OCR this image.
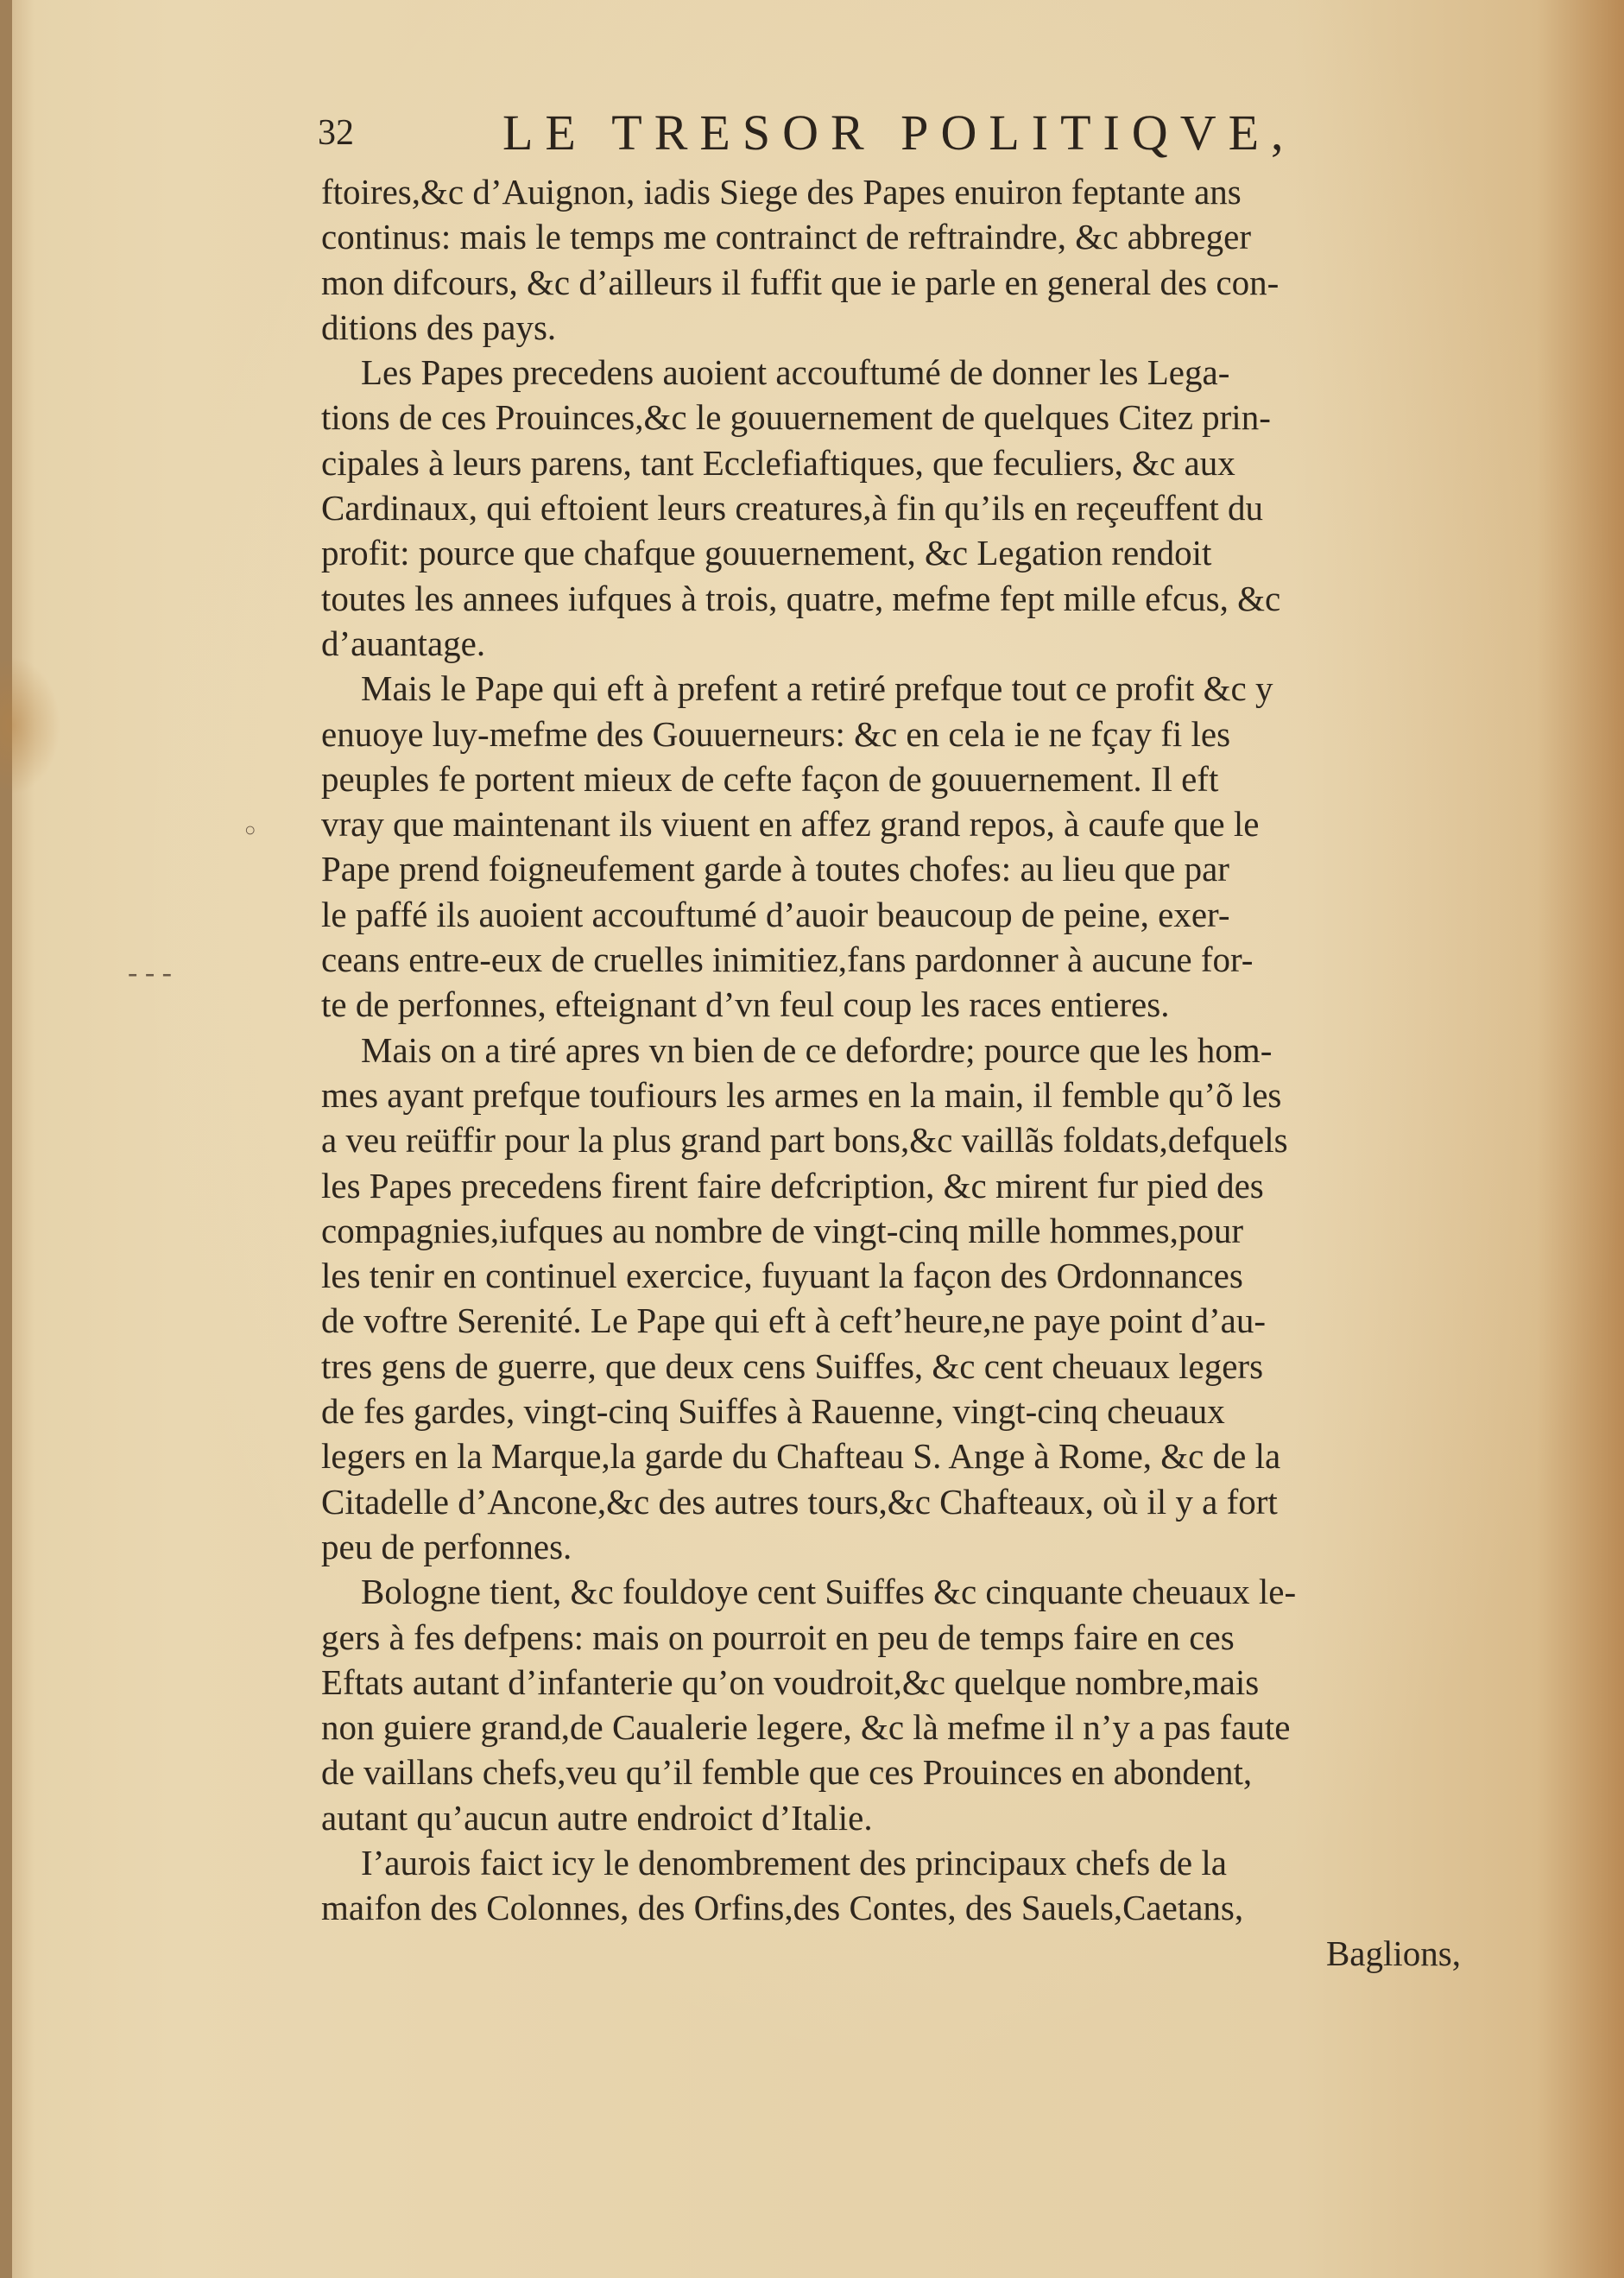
32	LE TRESOR POLITIQVE,
- - -
○
ftoires,&c d’Auignon, iadis Siege des Papes enuiron feptante ans
continus: mais le temps me contrainct de reftraindre, &c abbreger
mon difcours, &c d’ailleurs il fuffit que ie parle en general des con-
ditions des pays.
Les Papes precedens auoient accouftumé de donner les Lega-
tions de ces Prouinces,&c le gouuernement de quelques Citez prin-
cipales à leurs parens, tant Ecclefiaftiques, que feculiers, &c aux
Cardinaux, qui eftoient leurs creatures,à fin qu’ils en reçeuffent du
profit: pource que chafque gouuernement, &c Legation rendoit
toutes les annees iufques à trois, quatre, mefme fept mille efcus, &c
d’auantage.
Mais le Pape qui eft à prefent a retiré prefque tout ce profit &c y
enuoye luy-mefme des Gouuerneurs: &c en cela ie ne fçay fi les
peuples fe portent mieux de cefte façon de gouuernement. Il eft
vray que maintenant ils viuent en affez grand repos, à caufe que le
Pape prend foigneufement garde à toutes chofes: au lieu que par
le paffé ils auoient accouftumé d’auoir beaucoup de peine, exer-
ceans entre-eux de cruelles inimitiez,fans pardonner à aucune for-
te de perfonnes, efteignant d’vn feul coup les races entieres.
Mais on a tiré apres vn bien de ce defordre; pource que les hom-
mes ayant prefque toufiours les armes en la main, il femble qu’õ les
a veu reüffir pour la plus grand part bons,&c vaillãs foldats,defquels
les Papes precedens firent faire defcription, &c mirent fur pied des
compagnies,iufques au nombre de vingt-cinq mille hommes,pour
les tenir en continuel exercice, fuyuant la façon des Ordonnances
de voftre Serenité. Le Pape qui eft à ceft’heure,ne paye point d’au-
tres gens de guerre, que deux cens Suiffes, &c cent cheuaux legers
de fes gardes, vingt-cinq Suiffes à Rauenne, vingt-cinq cheuaux
legers en la Marque,la garde du Chafteau S. Ange à Rome, &c de la
Citadelle d’Ancone,&c des autres tours,&c Chafteaux, où il y a fort
peu de perfonnes.
Bologne tient, &c fouldoye cent Suiffes &c cinquante cheuaux le-
gers à fes defpens: mais on pourroit en peu de temps faire en ces
Eftats autant d’infanterie qu’on voudroit,&c quelque nombre,mais
non guiere grand,de Caualerie legere, &c là mefme il n’y a pas faute
de vaillans chefs,veu qu’il femble que ces Prouinces en abondent,
autant qu’aucun autre endroict d’Italie.
I’aurois faict icy le denombrement des principaux chefs de la
maifon des Colonnes, des Orfins,des Contes, des Sauels,Caetans,
Baglions,
